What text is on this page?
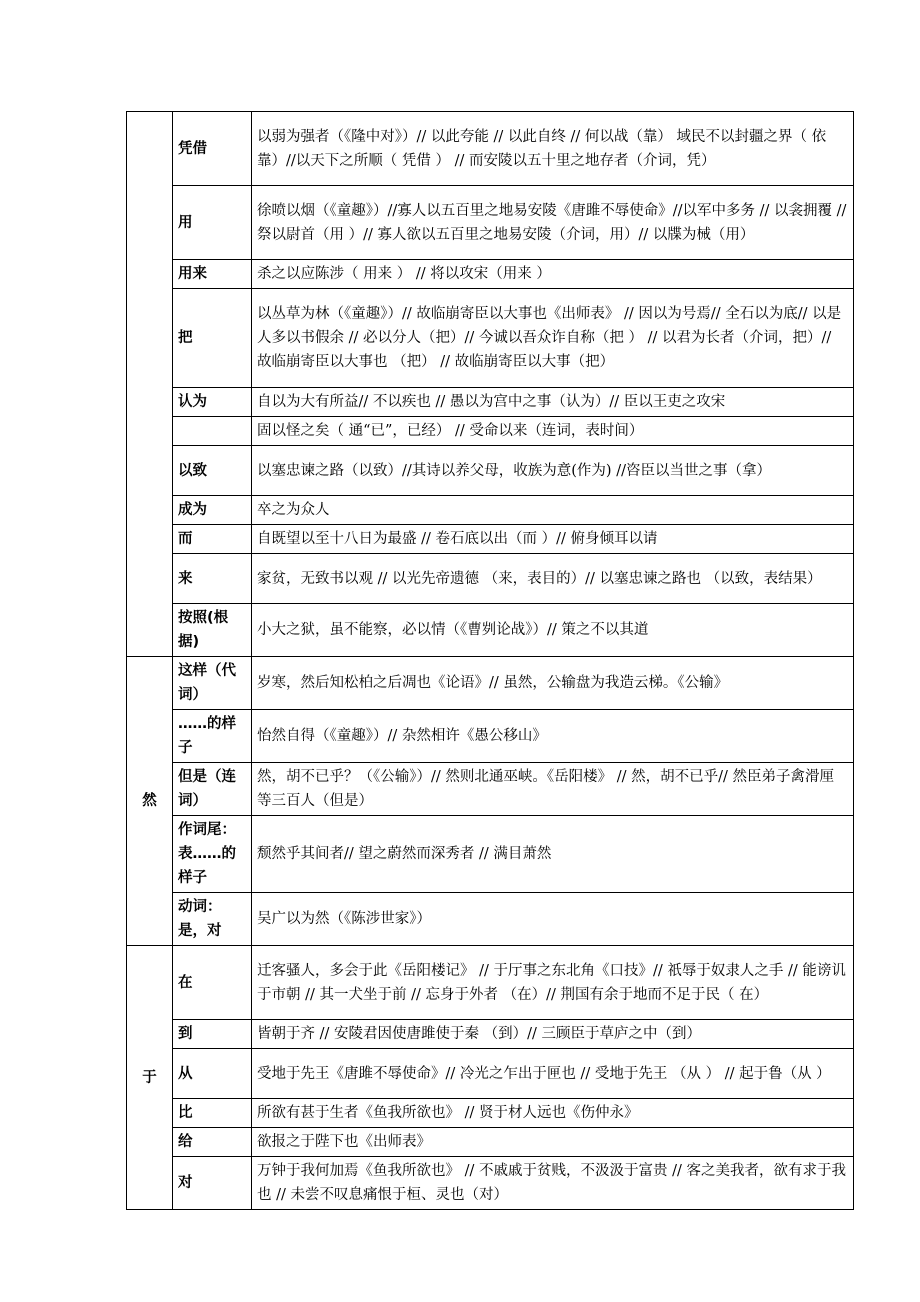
	凭借	以弱为强者（《隆中对》）// 以此夸能 // 以此自终 // 何以战（靠） 域民不以封疆之界（ 依靠）//以天下之所顺（ 凭借 ） // 而安陵以五十里之地存者（介词，凭）
	用	徐喷以烟（《童趣》）//寡人以五百里之地易安陵《唐雎不辱使命》//以军中多务 // 以衾拥覆 // 祭以尉首（用 ）// 寡人欲以五百里之地易安陵（介词，用）// 以牒为械（用）
	用来	杀之以应陈涉（ 用来 ） // 将以攻宋（用来 ）
	把	以丛草为林（《童趣》）// 故临崩寄臣以大事也《出师表》 // 因以为号焉// 全石以为底// 以是人多以书假余 // 必以分人（把）// 今诚以吾众诈自称（把 ） // 以君为长者（介词，把）// 故临崩寄臣以大事也 （把） // 故临崩寄臣以大事（把）
	认为	自以为大有所益// 不以疾也 // 愚以为宫中之事（认为）// 臣以王吏之攻宋
		固以怪之矣（ 通“已”，已经） // 受命以来（连词，表时间）
	以致	以塞忠谏之路（以致）//其诗以养父母，收族为意(作为) //咨臣以当世之事（拿）
	成为	卒之为众人
	而	自既望以至十八日为最盛 // 卷石底以出（而 ）// 俯身倾耳以请
	来	家贫，无致书以观 // 以光先帝遗德 （来，表目的）// 以塞忠谏之路也 （以致，表结果）
	按照(根据)	小大之狱，虽不能察，必以情（《曹刿论战》）// 策之不以其道
然	这样（代词）	岁寒，然后知松柏之后凋也《论语》// 虽然，公输盘为我造云梯。《公输》
	……的样子	怡然自得（《童趣》）// 杂然相许《愚公移山》
	但是（连词）	然，胡不已乎？（《公输》）// 然则北通巫峡。《岳阳楼》 // 然，胡不已乎// 然臣弟子禽滑厘等三百人（但是）
	作词尾：表……的样子	颓然乎其间者// 望之蔚然而深秀者 // 满目萧然
	动词：是，对	吴广以为然（《陈涉世家》）
于	在	迁客骚人，多会于此《岳阳楼记》 // 于厅事之东北角《口技》// 祇辱于奴隶人之手 // 能谤讥于市朝 // 其一犬坐于前 // 忘身于外者 （在）// 荆国有余于地而不足于民（ 在）
	到	皆朝于齐 // 安陵君因使唐雎使于秦 （到）// 三顾臣于草庐之中（到）
	从	受地于先王《唐雎不辱使命》// 冷光之乍出于匣也 // 受地于先王 （从 ） // 起于鲁（从 ）
	比	所欲有甚于生者《鱼我所欲也》 // 贤于材人远也《伤仲永》
	给	欲报之于陛下也《出师表》
	对	万钟于我何加焉《鱼我所欲也》 // 不戚戚于贫贱，不汲汲于富贵 // 客之美我者，欲有求于我也 // 未尝不叹息痛恨于桓、灵也（对）
